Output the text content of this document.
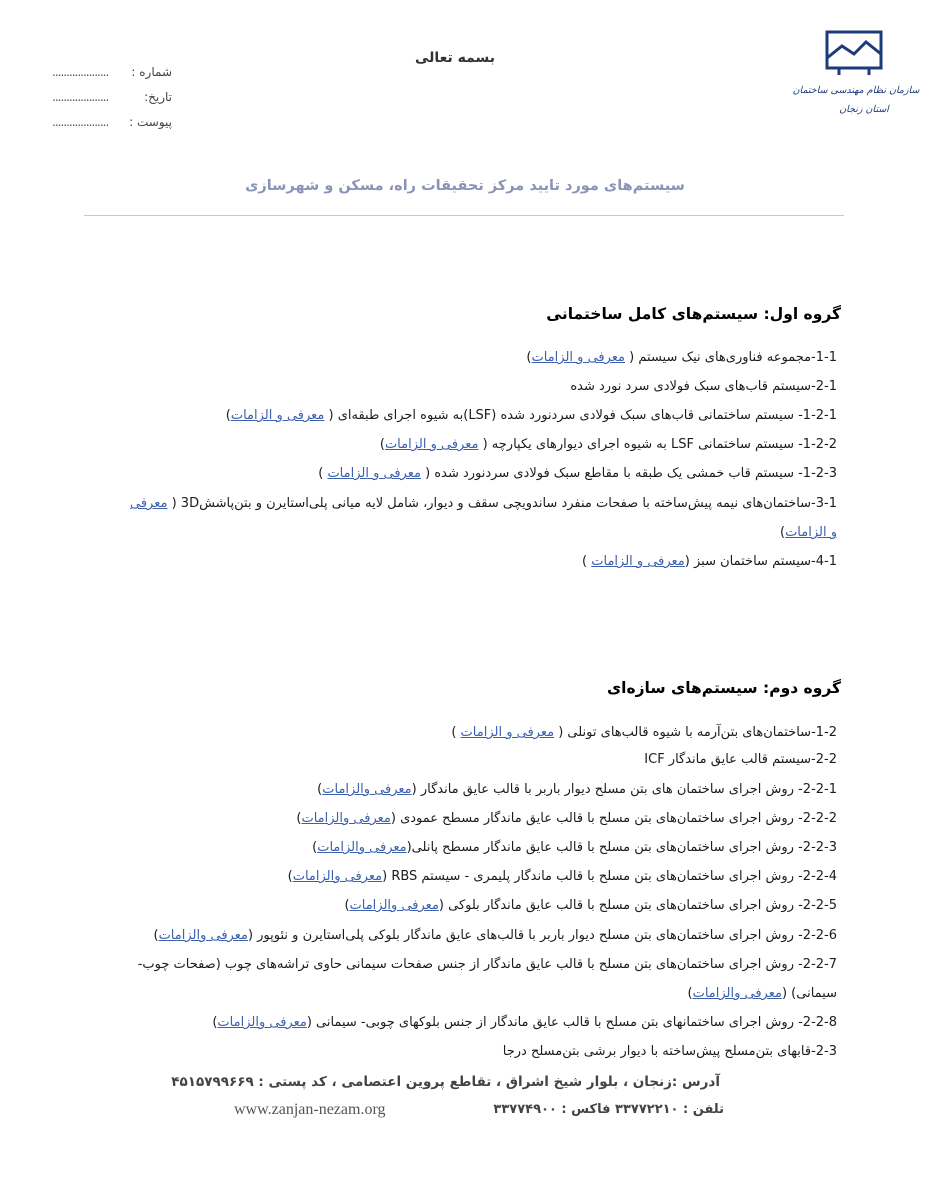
سازمان نظام مهندسی ساختمان
استان زنجان
بسمه تعالی
.................... شماره :
....................	تاریخ:
.................... پیوست :
سیستم‌های مورد تایید مرکز تحقیقات راه، مسکن و شهرسازی
گروه اول: سیستم‌های کامل ساختمانی
1-1-مجموعه فناوری‌های نیک سیستم ( معرفی و الزامات)
2-1-سیستم قاب‌های سبک فولادی سرد نورد شده
1-2-1- سیستم ساختمانی قاب‌های سبک فولادی سردنورد شده (LSF)به شیوه اجرای طبقه‌ای ( معرفی و الزامات)
1-2-2- سیستم ساختمانی LSF به شیوه اجرای دیوارهای یکپارچه ( معرفی و الزامات)
1-2-3- سیستم قاب خمشی یک طبقه با مقاطع سبک فولادی سردنورد شده ( معرفی و الزامات )
3-1-ساختمان‌های نیمه پیش‌ساخته با صفحات منفرد ساندویچی سقف و دیوار، شامل لایه میانی پلی‌استایرن و بتن‌پاشش3D ( معرفی
و الزامات)
4-1-سیستم ساختمان سبز (معرفی و الزامات )
گروه دوم: سیستم‌های سازه‌ای
1-2-ساختمان‌های بتن‌آرمه با شیوه قالب‌های تونلی ( معرفی و الزامات )
2-2-سیستم قالب عایق ماندگار ICF
2-2-1- روش اجرای ساختمان های بتن مسلح دیوار باربر با قالب عایق ماندگار (معرفی والزامات)
2-2-2- روش اجرای ساختمان‌های بتن مسلح با قالب عایق ماندگار مسطح عمودی (معرفی والزامات)
2-2-3- روش اجرای ساختمان‌های بتن مسلح با قالب عایق ماندگار مسطح پانلی(معرفی والزامات)
2-2-4- روش اجرای ساختمان‌های بتن مسلح با قالب ماندگار پلیمری - سیستم RBS (معرفی والزامات)
2-2-5- روش اجرای ساختمان‌های بتن مسلح با قالب عایق ماندگار بلوکی (معرفی والزامات)
2-2-6- روش اجرای ساختمان‌های بتن مسلح دیوار باربر با قالب‌های عایق ماندگار بلوکی پلی‌استایرن و نئوپور (معرفی والزامات)
2-2-7- روش اجرای ساختمان‌های بتن مسلح با قالب عایق ماندگار از جنس صفحات سیمانی حاوی تراشه‌های چوب (صفحات چوب-
سیمانی) (معرفی والزامات)
2-2-8- روش اجرای ساختمانهای بتن مسلح با قالب عایق ماندگار از جنس بلوکهای چوبی- سیمانی (معرفی والزامات)
2-3-قابهای بتن‌مسلح پیش‌ساخته با دیوار برشی بتن‌مسلح درجا
آدرس :زنجان ، بلوار شیخ اشراق ، تقاطع پروین اعتصامی ، کد پستی : ۴۵۱۵۷۹۹۶۶۹
تلفن : ۳۳۷۷۲۲۱۰ فاکس : ۳۳۷۷۴۹۰۰
www.zanjan-nezam.org
